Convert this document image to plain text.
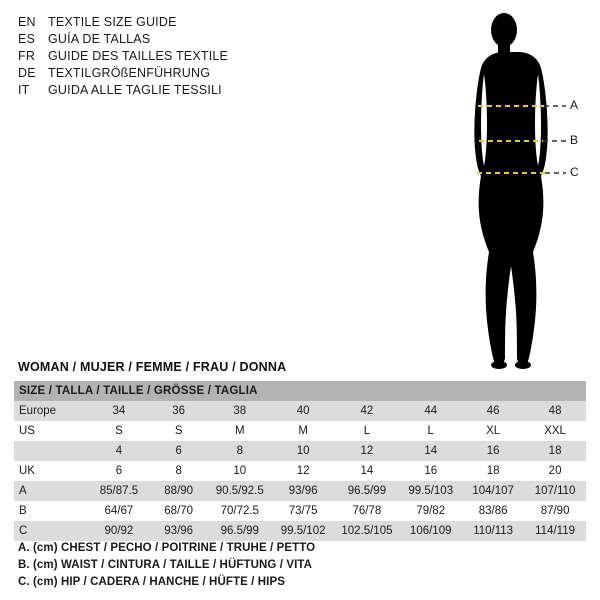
EN TEXTILE SIZE GUIDE
ES	GUÍA DE TALLAS
FR	GUIDE DES TAILLES TEXTILE
DE TEXTILGRÖßENFÜHRUNG
IT	GUIDA ALLE TAGLIE TESSILI
A
B
C
WOMAN / MUJER / FEMME / FRAU / DONNA
SIZE / TALLA / TAILLE / GRÖSSE / TAGLIA								
Europe	34	36	38	40	42	44	46	48
US	S	S	M	M	L	L	XL	XXL
	4	6	8	10	12	14	16	18
UK	6	8	10	12	14	16	18	20
A	85/87.5	88/90	90.5/92.5	93/96	96.5/99	99.5/103	104/107	107/110
B	64/67	68/70	70/72.5	73/75	76/78	79/82	83/86	87/90
C	90/92	93/96	96.5/99	99.5/102	102.5/105	106/109	110/113	114/119
A. (cm) CHEST / PECHO / POITRINE / TRUHE / PETTO
B. (cm) WAIST / CINTURA / TAILLE / HÜFTUNG / VITA
C. (cm) HIP / CADERA / HANCHE / HÜFTE / HIPS
